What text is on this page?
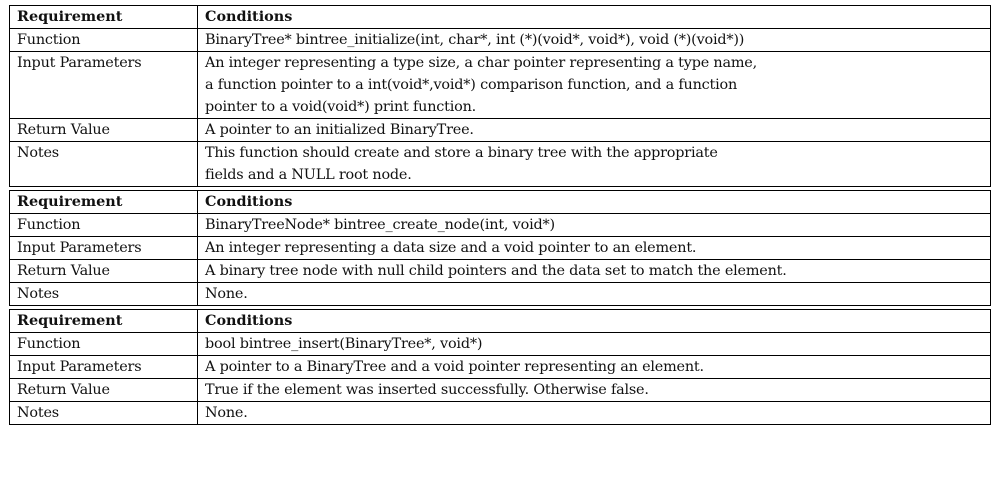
Requirement	Conditions
Function	BinaryTree* bintree_initialize(int, char*, int (*)(void*, void*), void (*)(void*))
Input Parameters	An integer representing a type size, a char pointer representing a type name,
a function pointer to a int(void*,void*) comparison function, and a function
pointer to a void(void*) print function.

Return Value	A pointer to an initialized BinaryTree.
Notes	This function should create and store a binary tree with the appropriate
fields and a NULL root node.
Requirement	Conditions
Function	BinaryTreeNode* bintree_create_node(int, void*)
Input Parameters	An integer representing a data size and a void pointer to an element.
Return Value	A binary tree node with null child pointers and the data set to match the element.
Notes	None.
Requirement	Conditions
Function	bool bintree_insert(BinaryTree*, void*)
Input Parameters	A pointer to a BinaryTree and a void pointer representing an element.
Return Value	True if the element was inserted successfully. Otherwise false.
Notes	None.
